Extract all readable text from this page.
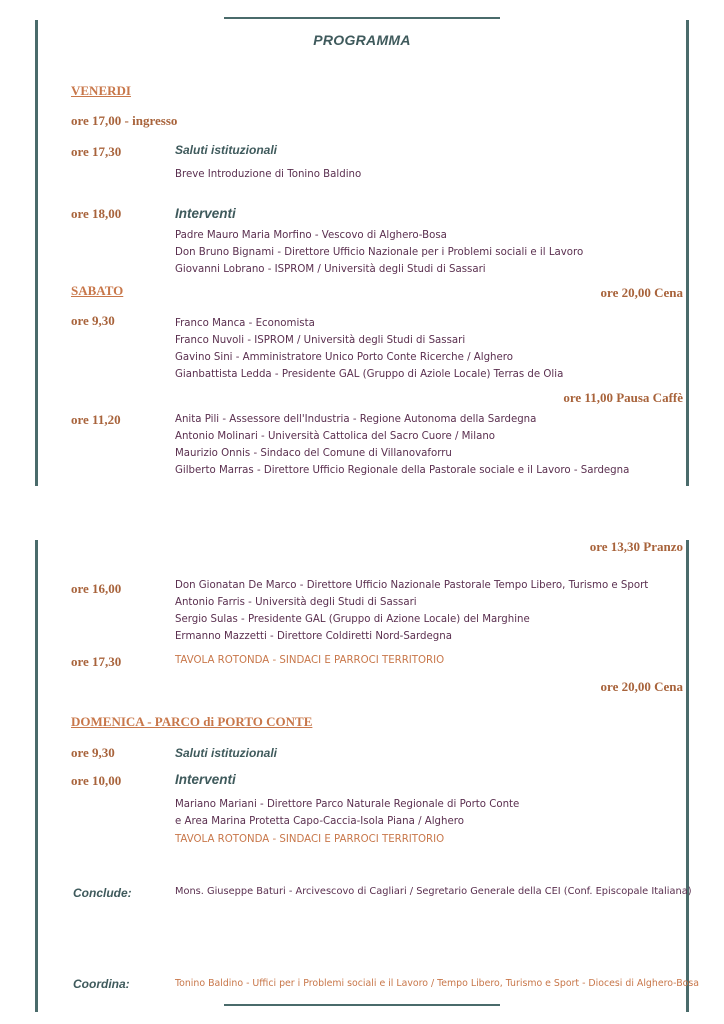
PROGRAMMA
VENERDI
ore 17,00 - ingresso
ore 17,30	Saluti istituzionali
Breve Introduzione di Tonino Baldino
ore 18,00	Interventi
Padre Mauro Maria Morfino - Vescovo di Alghero-Bosa
Don Bruno Bignami - Direttore Ufficio Nazionale per i Problemi sociali e il Lavoro
Giovanni Lobrano - ISPROM / Università degli Studi di Sassari
SABATO	ore 20,00 Cena
ore 9,30	Franco Manca - Economista
Franco Nuvoli - ISPROM / Università degli Studi di Sassari
Gavino Sini - Amministratore Unico Porto Conte Ricerche / Alghero
Gianbattista Ledda - Presidente GAL (Gruppo di Aziole Locale) Terras de Olia
ore 11,00 Pausa Caffè
ore 11,20	Anita Pili - Assessore dell'Industria - Regione Autonoma della Sardegna
Antonio Molinari - Università Cattolica del Sacro Cuore / Milano
Maurizio Onnis - Sindaco del Comune di Villanovaforru
Gilberto Marras - Direttore Ufficio Regionale della Pastorale sociale e il Lavoro - Sardegna
ore 13,30 Pranzo
ore 16,00	Don Gionatan De Marco - Direttore Ufficio Nazionale Pastorale Tempo Libero, Turismo e Sport
Antonio Farris - Università degli Studi di Sassari
Sergio Sulas - Presidente GAL (Gruppo di Azione Locale) del Marghine
Ermanno Mazzetti - Direttore Coldiretti Nord-Sardegna
ore 17,30	TAVOLA ROTONDA - SINDACI E PARROCI TERRITORIO
ore 20,00 Cena
DOMENICA - PARCO di PORTO CONTE
ore 9,30	Saluti istituzionali
ore 10,00	Interventi
Mariano Mariani - Direttore Parco Naturale Regionale di Porto Conte
e Area Marina Protetta Capo-Caccia-Isola Piana / Alghero
TAVOLA ROTONDA - SINDACI E PARROCI TERRITORIO
Conclude:	Mons. Giuseppe Baturi - Arcivescovo di Cagliari / Segretario Generale della CEI (Conf. Episcopale Italiana)
Coordina:	Tonino Baldino - Uffici per i Problemi sociali e il Lavoro / Tempo Libero, Turismo e Sport - Diocesi di Alghero-Bosa
